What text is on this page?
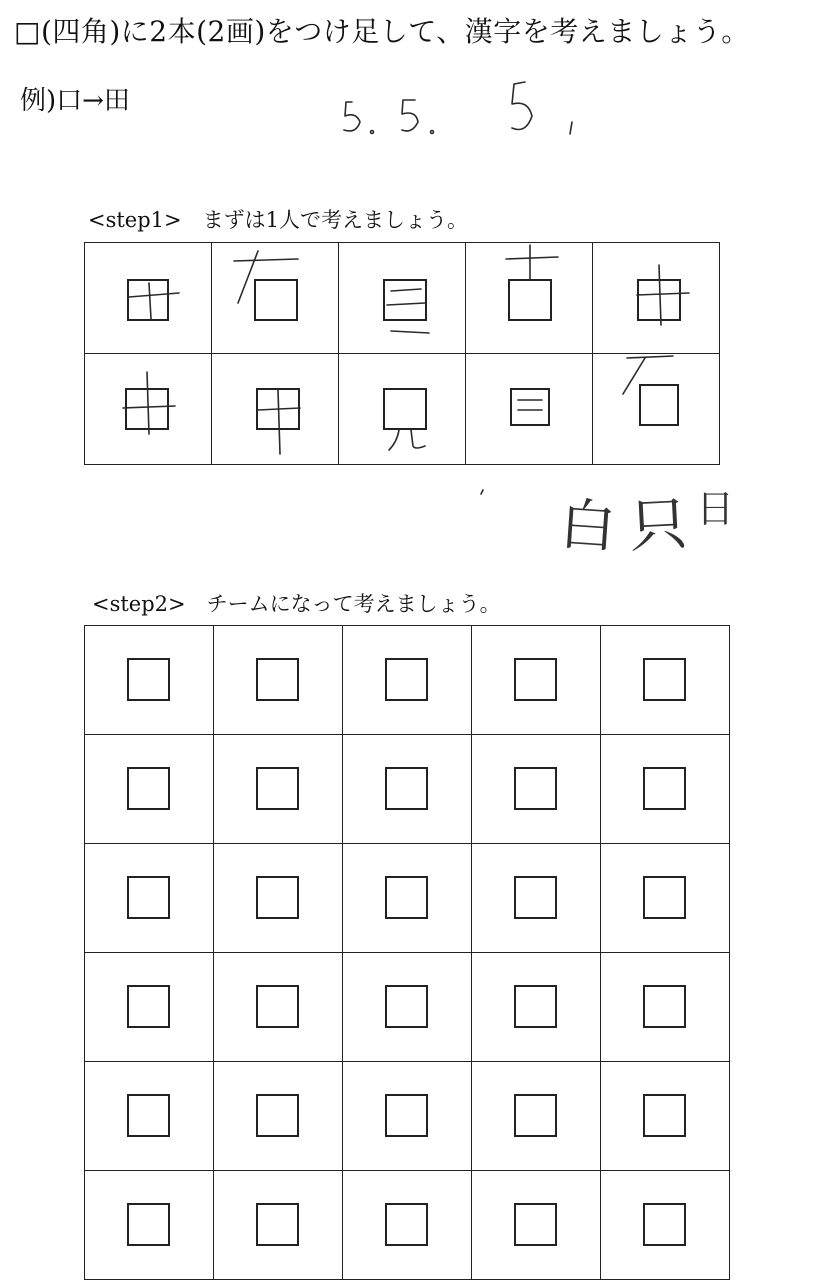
□(四角)に2本(2画)をつけ足して、漢字を考えましょう。
例)口→田
<step1>　まずは1人で考えましょう。

白 只 日
<step2>　チームになって考えましょう。
